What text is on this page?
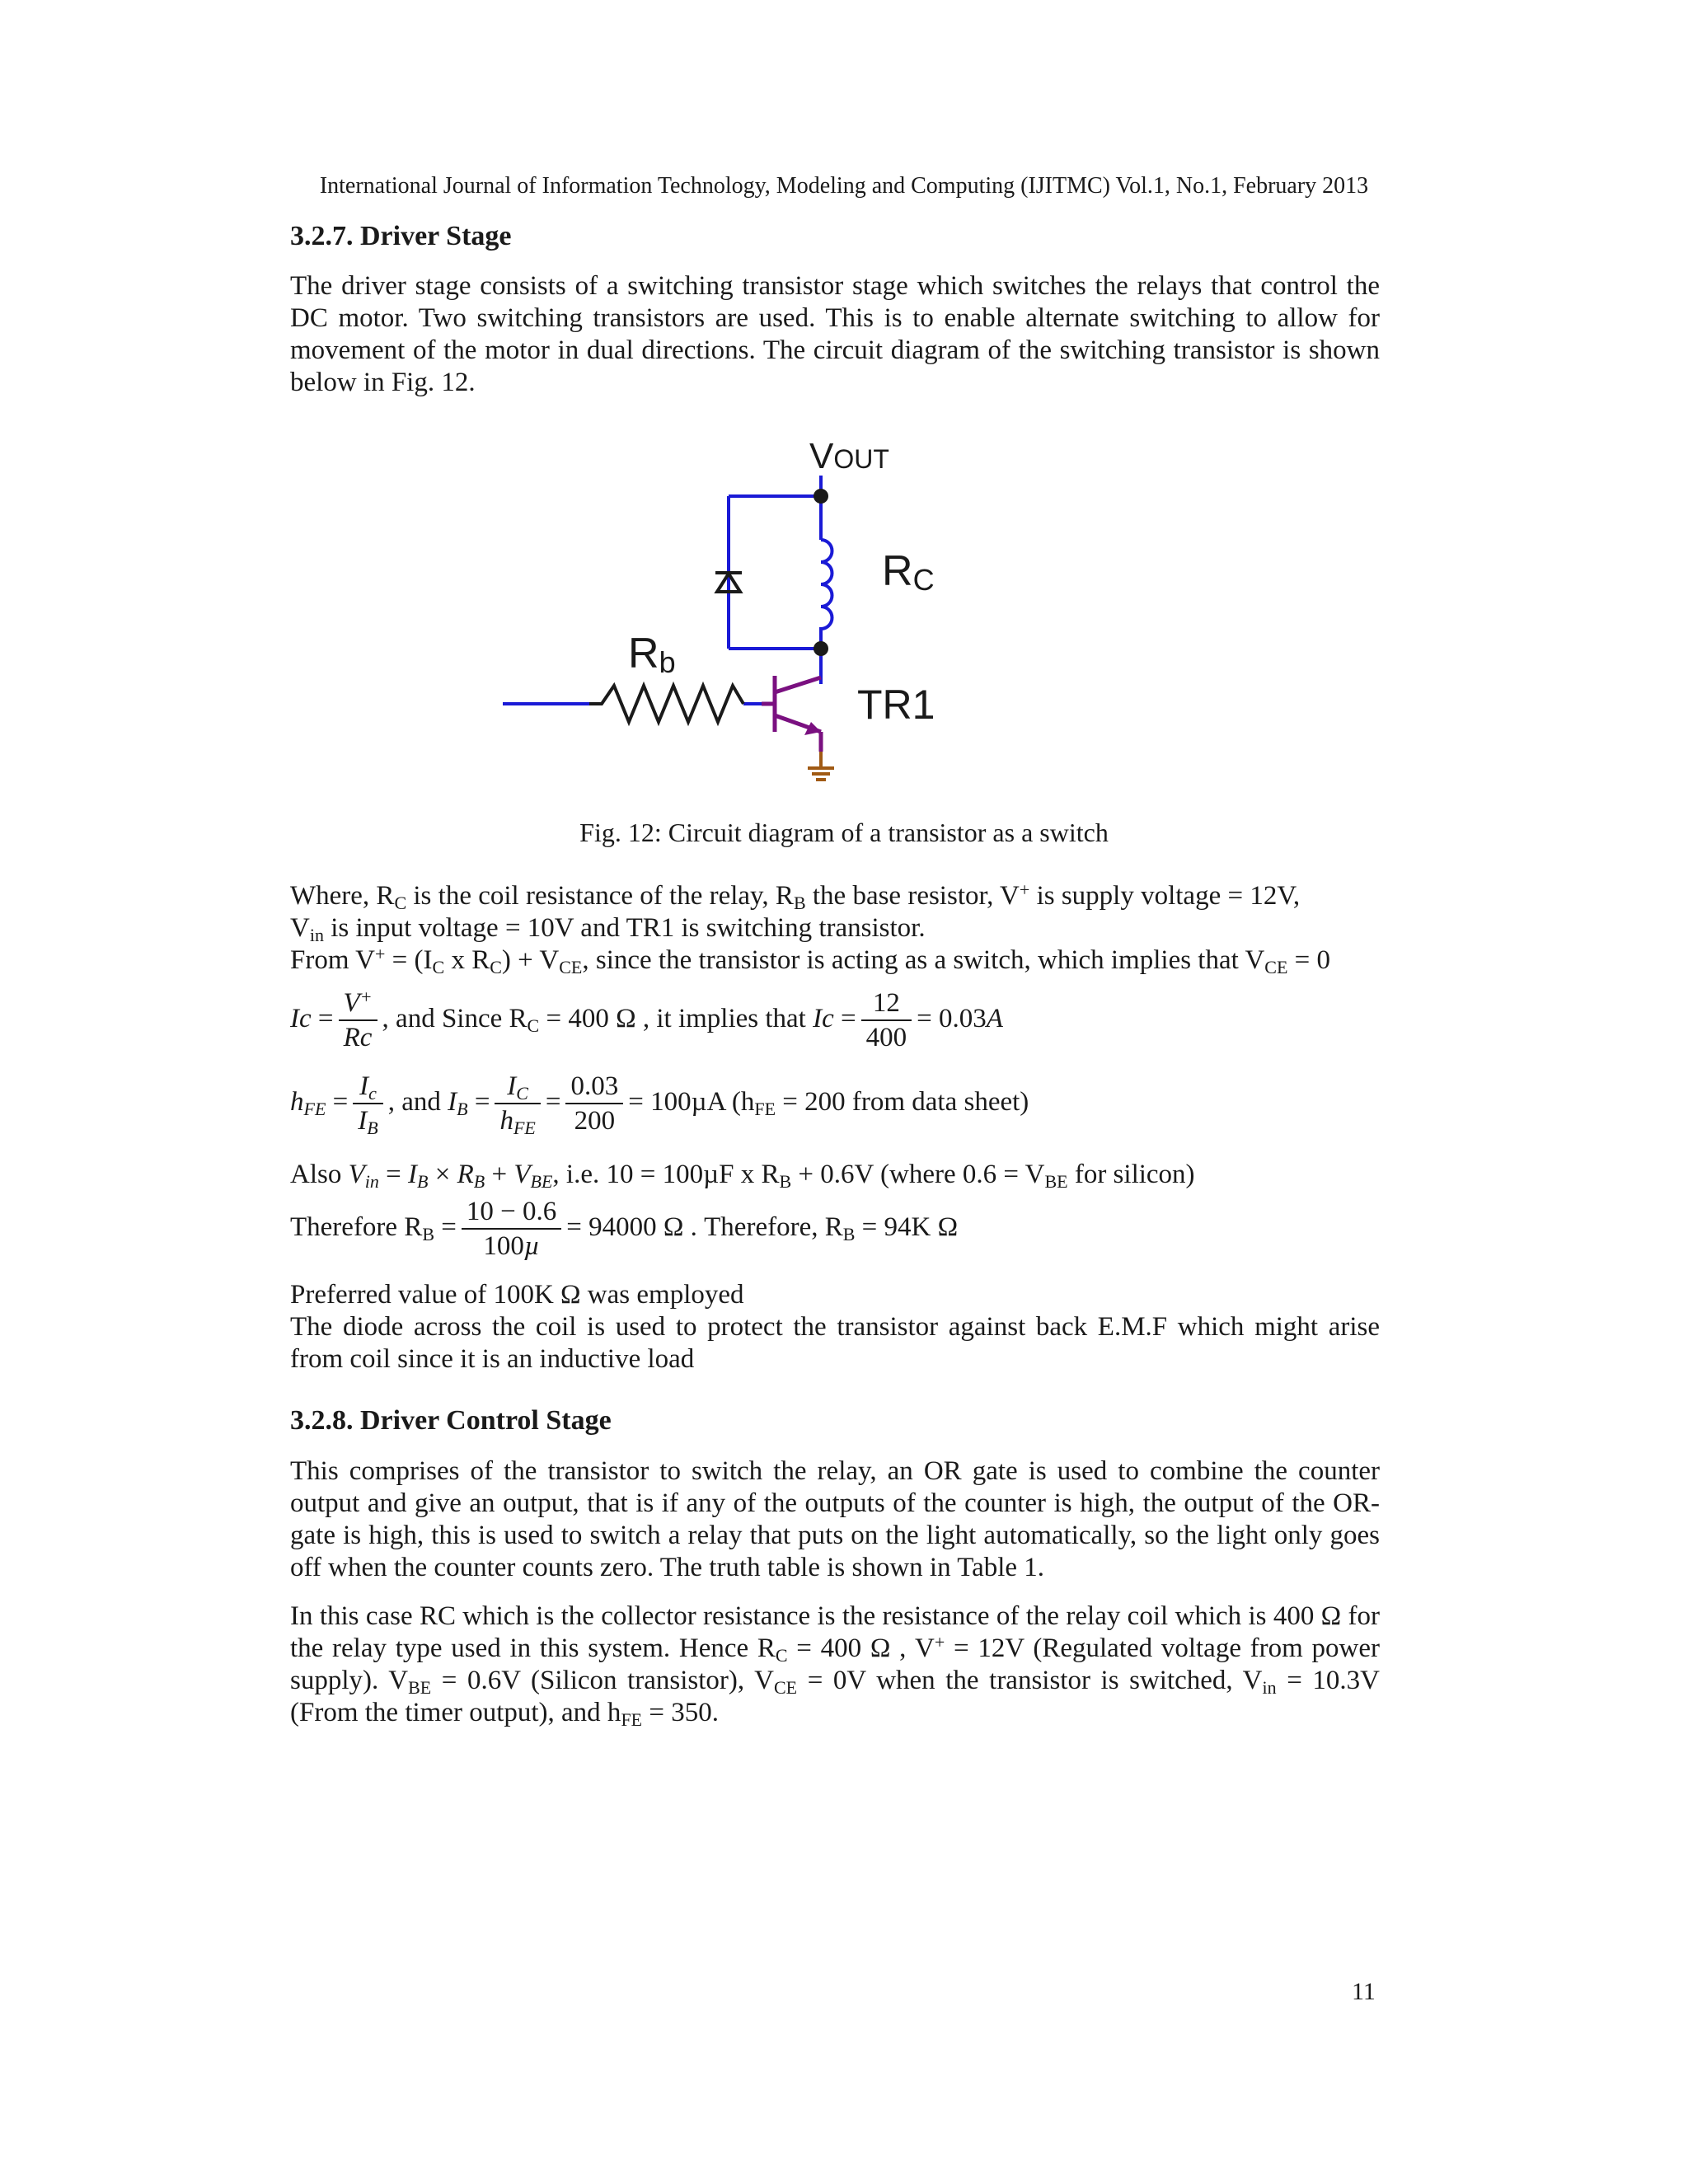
International Journal of Information Technology, Modeling and Computing (IJITMC) Vol.1, No.1, February 2013
3.2.7. Driver Stage
The driver stage consists of a switching transistor stage which switches the relays that control the DC motor. Two switching transistors are used. This is to enable alternate switching to allow for movement of the motor in dual directions. The circuit diagram of the switching transistor is shown below in Fig. 12.
VOUT
RC
Rb
TR1
Fig. 12: Circuit diagram of a transistor as a switch
Where, $R_C$ is the coil resistance of the relay, $R_B$ the base resistor, V+ is supply voltage = 12V,
$V_{in}$ is input voltage = 10V and TR1 is switching transistor.
From $V^+ = (I_C$ x $R_C) + V_{CE}$, since the transistor is acting as a switch, which implies that $V_{CE} = 0$
$Ic = \frac{V^+}{Rc}$ , and Since $R_C = 400$ Ω , it implies that $Ic = \frac{12}{400} = 0.03A$
$h_{FE} = \frac{I_c}{I_B}$ , and $I_B = \frac{I_C}{h_{FE}} = \frac{0.03}{200} = 100\mu A$ ($h_{FE} = 200$ from data sheet)
Also $V_{in} = I_B \times R_B + V_{BE}$, i.e. 10 = 100µF x $R_B + 0.6V$ (where $0.6 = V_{BE}$ for silicon)
Therefore $R_B = \frac{10 - 0.6}{\text{100µ}} = 94000$ Ω . Therefore, $R_B = 94K$ Ω
Preferred value of 100K Ω was employed
The diode across the coil is used to protect the transistor against back E.M.F which might arise from coil since it is an inductive load
3.2.8. Driver Control Stage
This comprises of the transistor to switch the relay, an OR gate is used to combine the counter output and give an output, that is if any of the outputs of the counter is high, the output of the OR-gate is high, this is used to switch a relay that puts on the light automatically, so the light only goes off when the counter counts zero. The truth table is shown in Table 1.
In this case RC which is the collector resistance is the resistance of the relay coil which is 400 Ω for the relay type used in this system. Hence $R_C = 400$ Ω , V+ = 12V (Regulated voltage from power supply). $V_{BE} = 0.6V$ (Silicon transistor), $V_{CE} = 0V$ when the transistor is switched, $V_{in} = 10.3V$ (From the timer output), and $h_{FE} = 350$.
11
